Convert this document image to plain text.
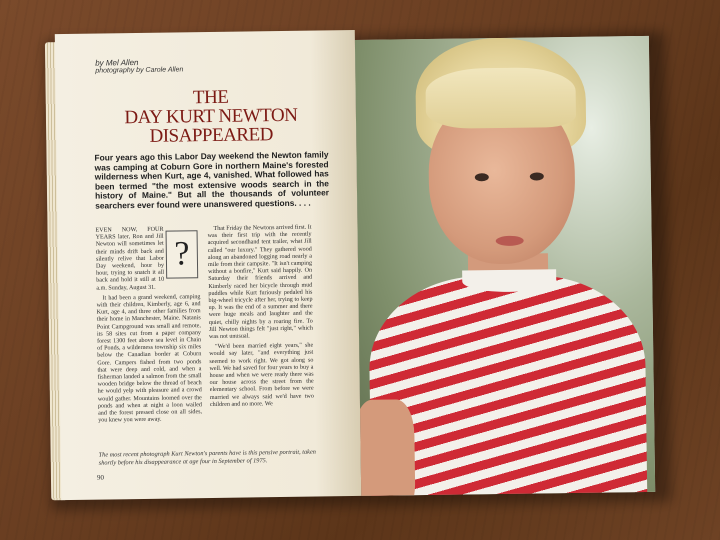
by Mel Allen
photography by Carole Allen
THE
DAY KURT NEWTON
DISAPPEARED
Four years ago this Labor Day weekend the Newton family was camping at Coburn Gore in northern Maine's forested wilderness when Kurt, age 4, vanished. What followed has been termed "the most extensive woods search in the history of Maine." But all the thousands of volunteer searchers ever found were unanswered questions. . . .

EVEN NOW, FOUR YEARS later, Ron and Jill Newton will sometimes let their minds drift back and silently relive that Labor Day weekend, hour by hour, trying to snatch it all back and hold it still at 10 a.m. Sunday, August 31.

It had been a grand weekend, camping with their children, Kimberly, age 6, and Kurt, age 4, and three other families from their home in Manchester, Maine. Natanis Point Campground was small and remote, its 58 sites cut from a paper company forest 1300 feet above sea level in Chain of Ponds, a wilderness township six miles below the Canadian border at Coburn Gore. Campers fished from two ponds that were deep and cold, and when a fisherman landed a salmon from the small wooden bridge below the thread of beach he would yelp with pleasure and a crowd would gather. Mountains loomed over the ponds and when at night a loon wailed and the forest pressed close on all sides, you knew you were away.

?

That Friday the Newtons arrived first. It was their first trip with the recently acquired secondhand tent trailer, what Jill called "our luxury." They gathered wood along an abandoned logging road nearly a mile from their campsite. "It isn't camping without a bonfire," Kurt said happily. On Saturday their friends arrived and Kimberly raced her bicycle through mud puddles while Kurt furiously pedaled his big-wheel tricycle after her, trying to keep up. It was the end of a summer and there were huge meals and laughter and the quiet, chilly nights by a roaring fire. To Jill Newton things felt "just right," which was not unusual.

"We'd been married eight years," she would say later, "and everything just seemed to work right. We got along so well. We had saved for four years to buy a house and when we were ready there was our house across the street from the elementary school. From before we were married we always said we'd have two children and no more. We

The most recent photograph Kurt Newton's parents have is this pensive portrait, taken shortly before his disappearance at age four in September of 1975.
90
